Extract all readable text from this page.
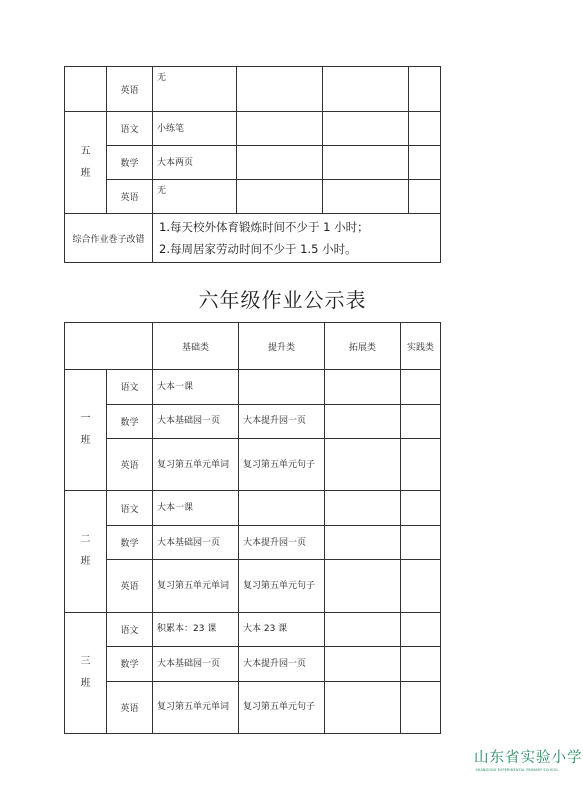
	英语	无			

五
班	语文	小练笔			
	数学	大本两页			
	英语	无			
综合作业巻子改错		1.每天校外体育锻炼时间不少于 1 小时；
2.每周居家劳动时间不少于 1.5 小时。			
六年级作业公示表
		基础类	提升类	拓展类	实践类

一
班	语文	大本一课			
	数学	大本基础园一页	大本提升园一页		
	英语	复习第五单元单词	复习第五单元句子		

二
班	语文	大本一课			
	数学	大本基础园一页	大本提升园一页		
	英语	复习第五单元单词	复习第五单元句子		

三
班	语文	积累本：23 课	大本 23 课		
	数学	大本基础园一页	大本提升园一页		
	英语	复习第五单元单词	复习第五单元句子		
山东省实验小学
SHANDONG EXPERIMENTAL PRIMARY SCHOOL
